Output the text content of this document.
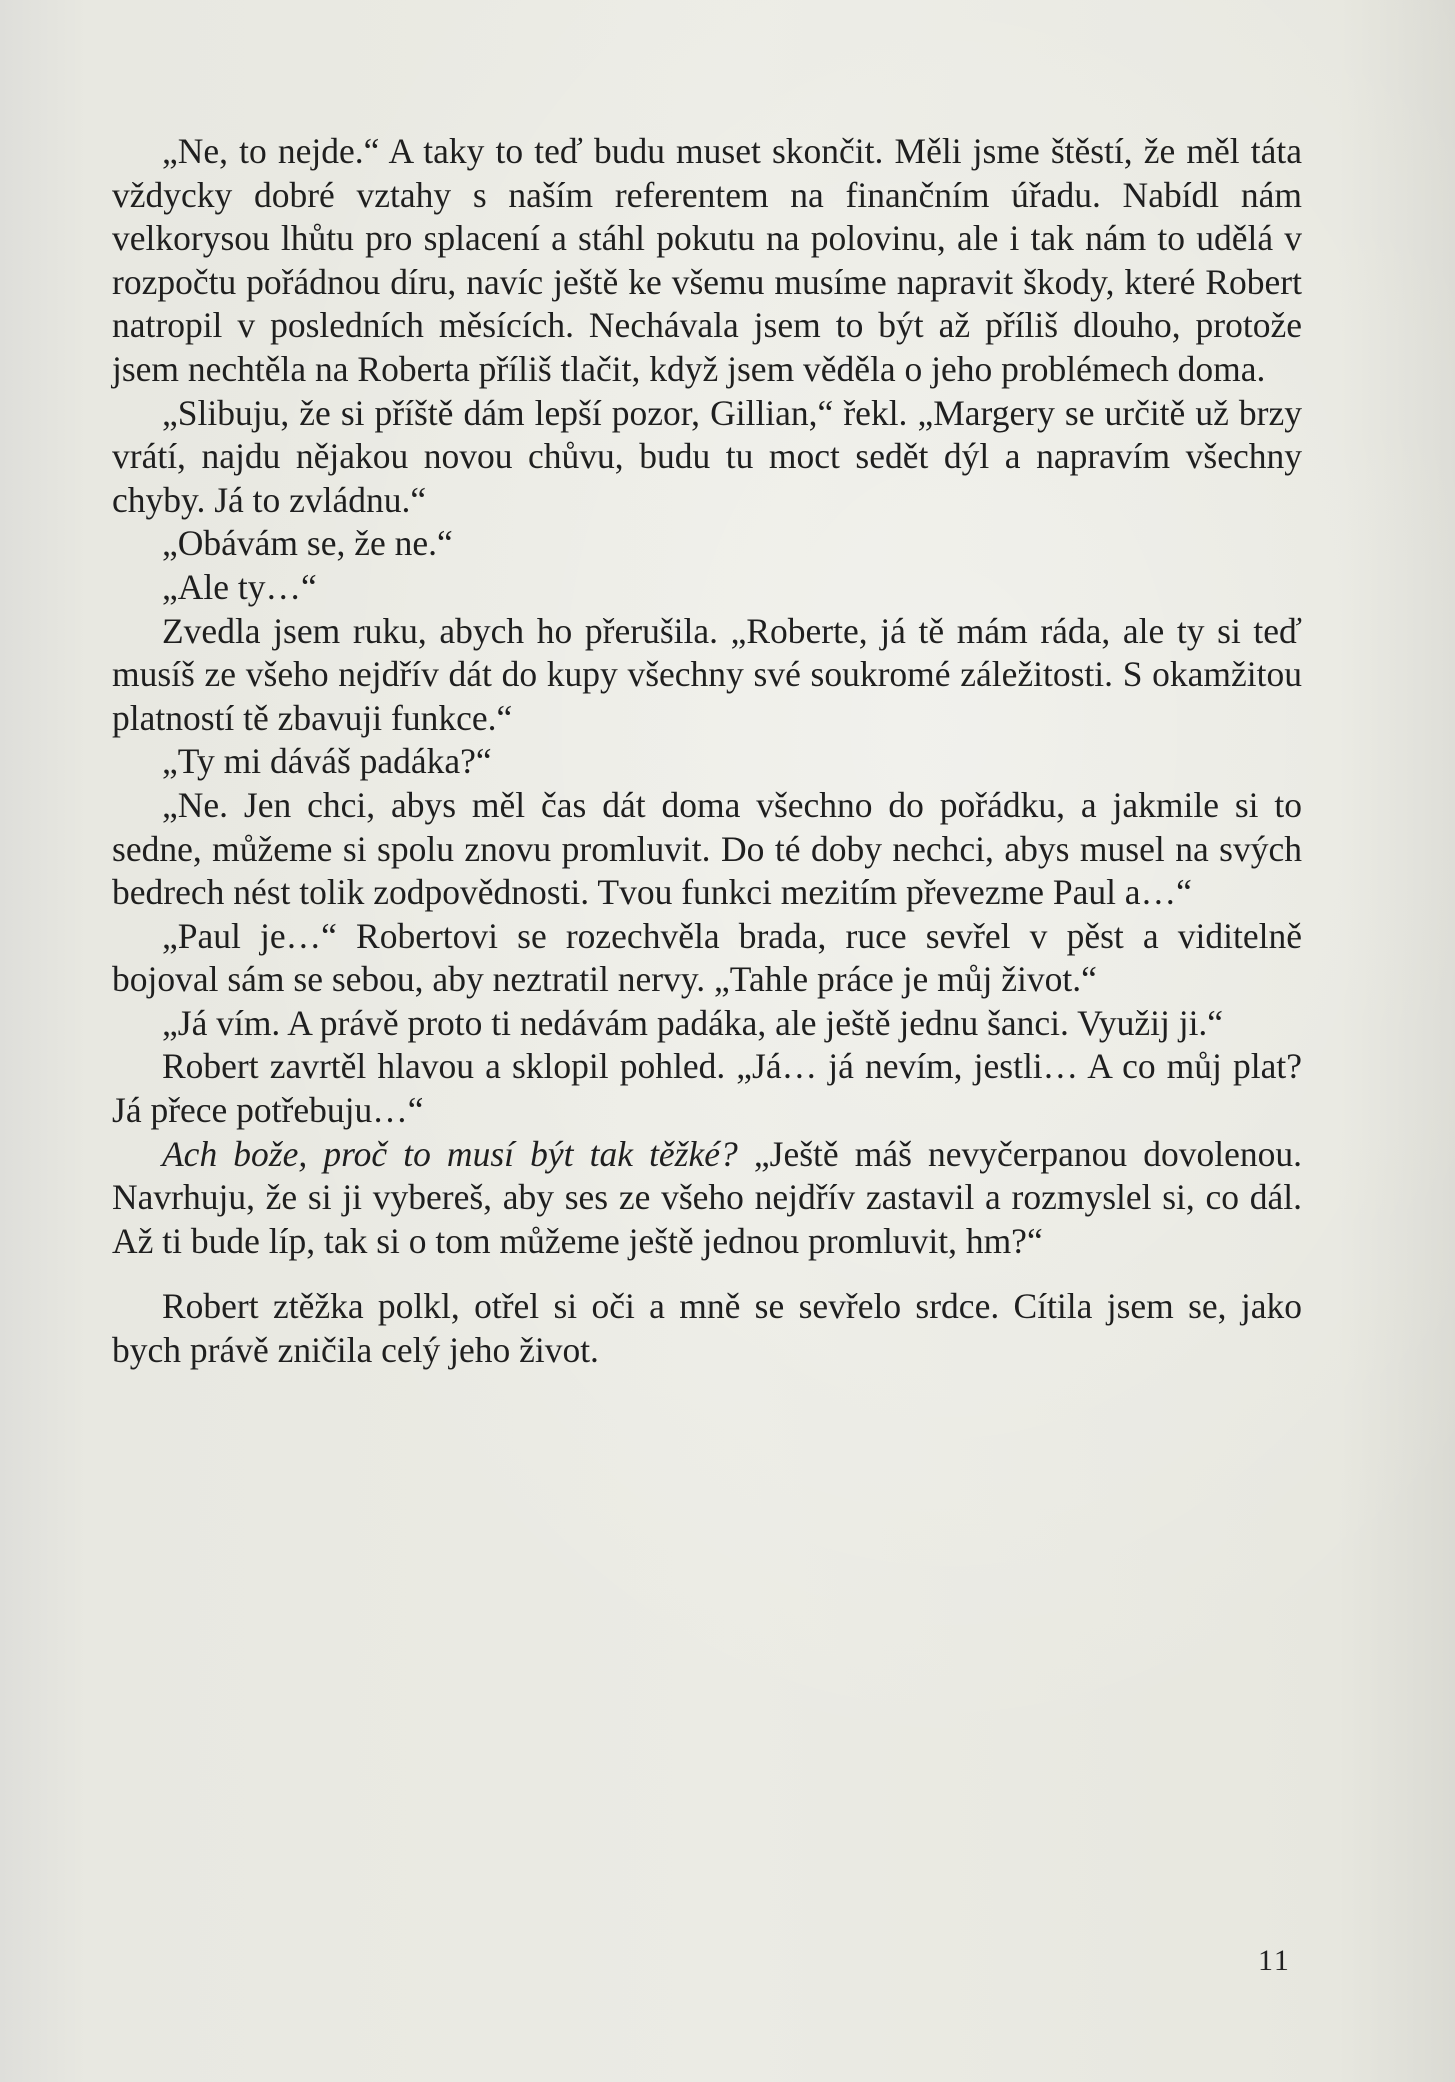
„Ne, to nejde.“ A taky to teď budu muset skončit. Měli jsme štěstí, že měl táta vždycky dobré vztahy s naším referentem na finančním úřadu. Nabídl nám velkorysou lhůtu pro splacení a stáhl pokutu na polovinu, ale i tak nám to udělá v rozpočtu pořádnou díru, navíc ještě ke všemu musíme napravit škody, které Robert natropil v posledních měsících. Nechávala jsem to být až příliš dlouho, protože jsem nechtěla na Roberta příliš tlačit, když jsem věděla o jeho problémech doma.

„Slibuju, že si příště dám lepší pozor, Gillian,“ řekl. „Margery se určitě už brzy vrátí, najdu nějakou novou chůvu, budu tu moct sedět dýl a napravím všechny chyby. Já to zvládnu.“

„Obávám se, že ne.“

„Ale ty…“

Zvedla jsem ruku, abych ho přerušila. „Roberte, já tě mám ráda, ale ty si teď musíš ze všeho nejdřív dát do kupy všechny své soukromé záležitosti. S okamžitou platností tě zbavuji funkce.“

„Ty mi dáváš padáka?“

„Ne. Jen chci, abys měl čas dát doma všechno do pořádku, a jakmile si to sedne, můžeme si spolu znovu promluvit. Do té doby nechci, abys musel na svých bedrech nést tolik zodpovědnosti. Tvou funkci mezitím převezme Paul a…“

„Paul je…“ Robertovi se rozechvěla brada, ruce sevřel v pěst a viditelně bojoval sám se sebou, aby neztratil nervy. „Tahle práce je můj život.“

„Já vím. A právě proto ti nedávám padáka, ale ještě jednu šanci. Využij ji.“

Robert zavrtěl hlavou a sklopil pohled. „Já… já nevím, jestli… A co můj plat? Já přece potřebuju…“

Ach bože, proč to musí být tak těžké? „Ještě máš nevyčerpanou dovolenou. Navrhuju, že si ji vybereš, aby ses ze všeho nejdřív zastavil a rozmyslel si, co dál. Až ti bude líp, tak si o tom můžeme ještě jednou promluvit, hm?“

Robert ztěžka polkl, otřel si oči a mně se sevřelo srdce. Cítila jsem se, jako bych právě zničila celý jeho život.

11
